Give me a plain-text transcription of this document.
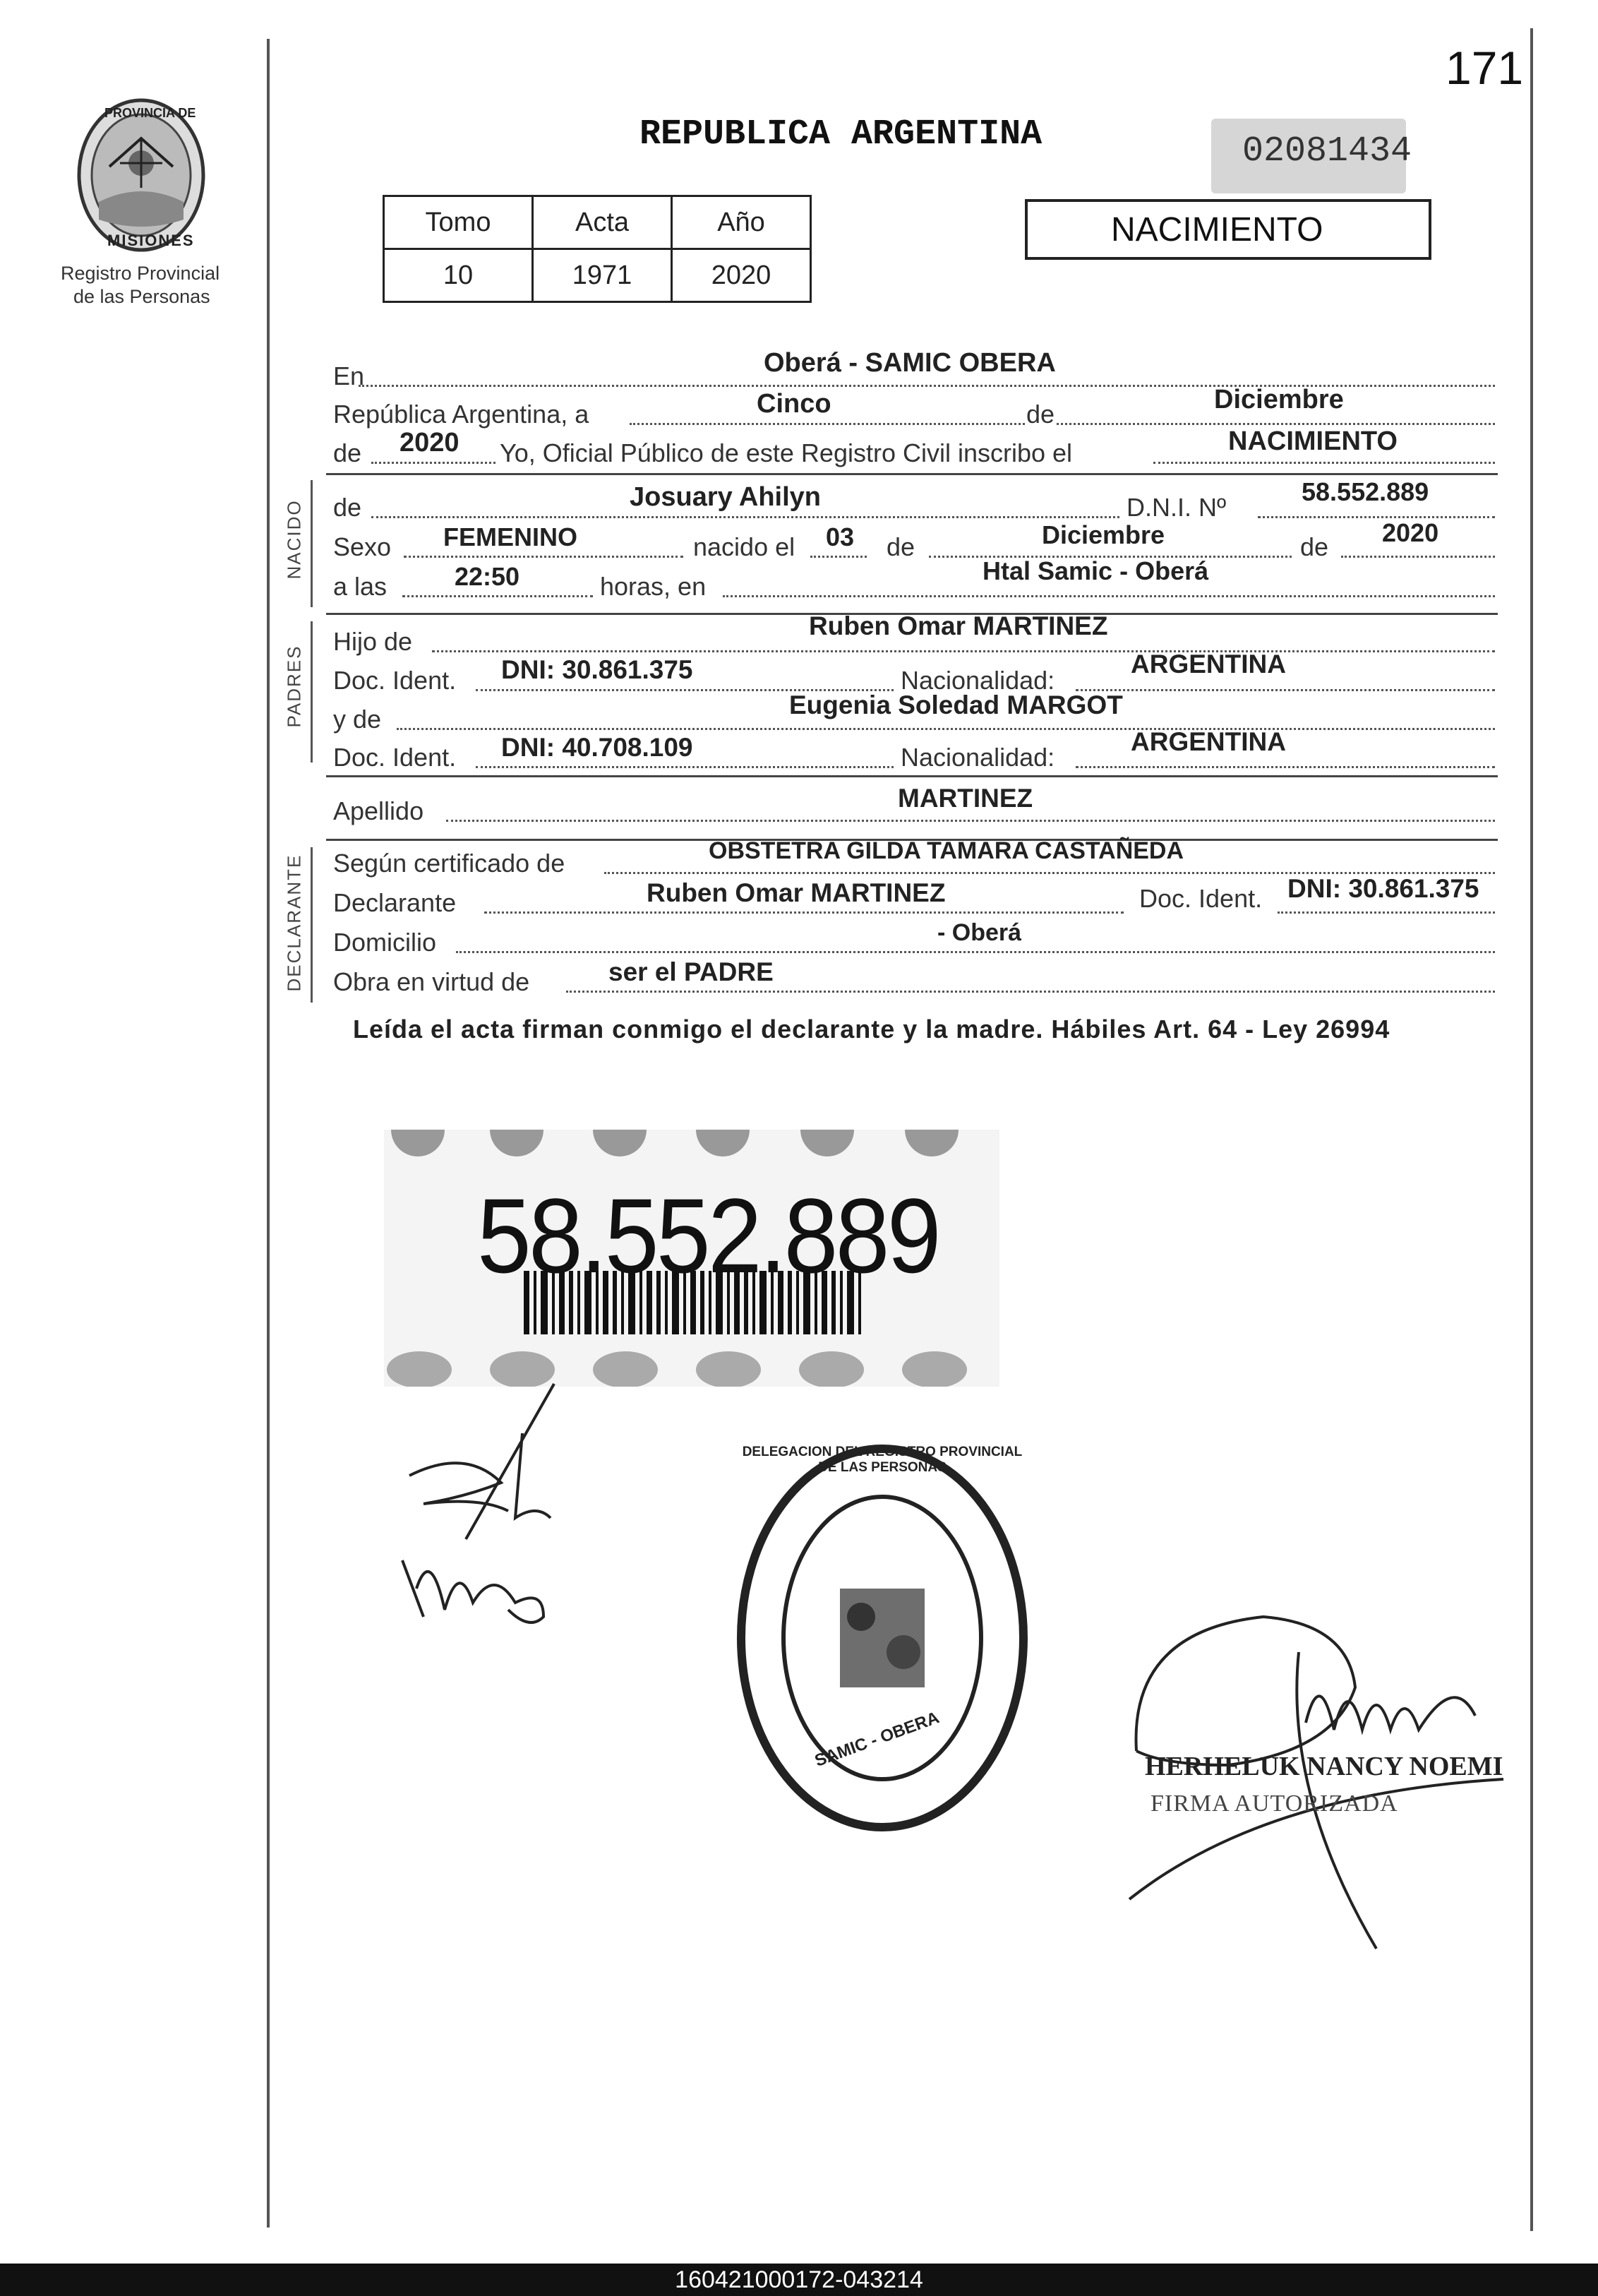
171
PROVINCIA DE
MISIONES
Registro Provincial
de las Personas
REPUBLICA ARGENTINA	02081434
Tomo	Acta	Año
10	1971	2020
NACIMIENTO
En	Oberá - SAMIC OBERA
República Argentina, a	Cinco	de	Diciembre
de 2020 Yo, Oficial Público de este Registro Civil inscribo el	NACIMIENTO
NACIDO de	Josuary Ahilyn	D.N.I. Nº
58.552.889
Sexo FEMENINO	nacido el 03 de	Diciembre	de 2020
a las	22:50	horas, en
Htal Samic - Oberá
PADRES
Hijo de
Ruben Omar MARTINEZ
Doc. Ident. DNI: 30.861.375	Nacionalidad:
ARGENTINA
y de	Eugenia Soledad MARGOT
Doc. Ident. DNI: 40.708.109	Nacionalidad:
ARGENTINA
Apellido	MARTINEZ
DECLARANTE Según certificado de	OBSTETRA GILDA TAMARA CASTAÑEDA
Declarante	Ruben Omar MARTINEZ	Doc. Ident. DNI: 30.861.375
Domicilio	- Oberá
Obra en virtud de	ser el PADRE
Leída el acta firman conmigo el declarante y la madre. Hábiles Art. 64 - Ley 26994
58.552.889
DELEGACION DEL REGISTRO PROVINCIAL DE LAS PERSONAS
SAMIC - OBERA	HERHELUK NANCY NOEMI
FIRMA AUTORIZADA
160421000172-043214
